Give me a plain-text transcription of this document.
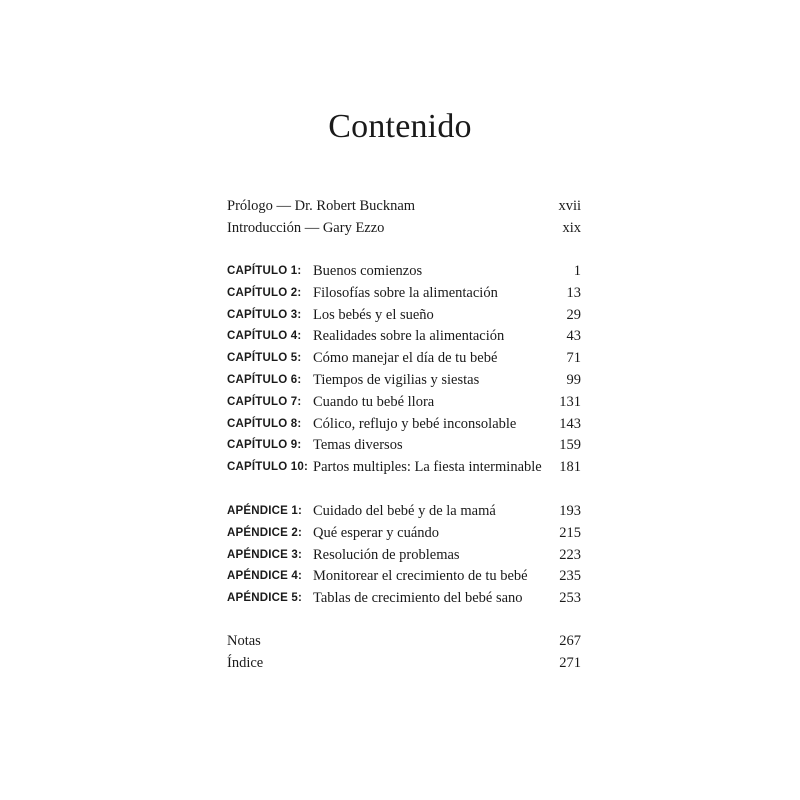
Contenido
Prólogo — Dr. Robert Bucknam	xvii
Introducción — Gary Ezzo	xix
CAPÍTULO 1: Buenos comienzos	1
CAPÍTULO 2: Filosofías sobre la alimentación	13
CAPÍTULO 3: Los bebés y el sueño	29
CAPÍTULO 4: Realidades sobre la alimentación	43
CAPÍTULO 5: Cómo manejar el día de tu bebé	71
CAPÍTULO 6: Tiempos de vigilias y siestas	99
CAPÍTULO 7: Cuando tu bebé llora	131
CAPÍTULO 8: Cólico, reflujo y bebé inconsolable	143
CAPÍTULO 9: Temas diversos	159
CAPÍTULO 10: Partos multiples: La fiesta interminable 181
APÉNDICE 1: Cuidado del bebé y de la mamá	193
APÉNDICE 2: Qué esperar y cuándo	215
APÉNDICE 3: Resolución de problemas	223
APÉNDICE 4: Monitorear el crecimiento de tu bebé 235
APÉNDICE 5: Tablas de crecimiento del bebé sano	253
Notas	267
Índice	271
